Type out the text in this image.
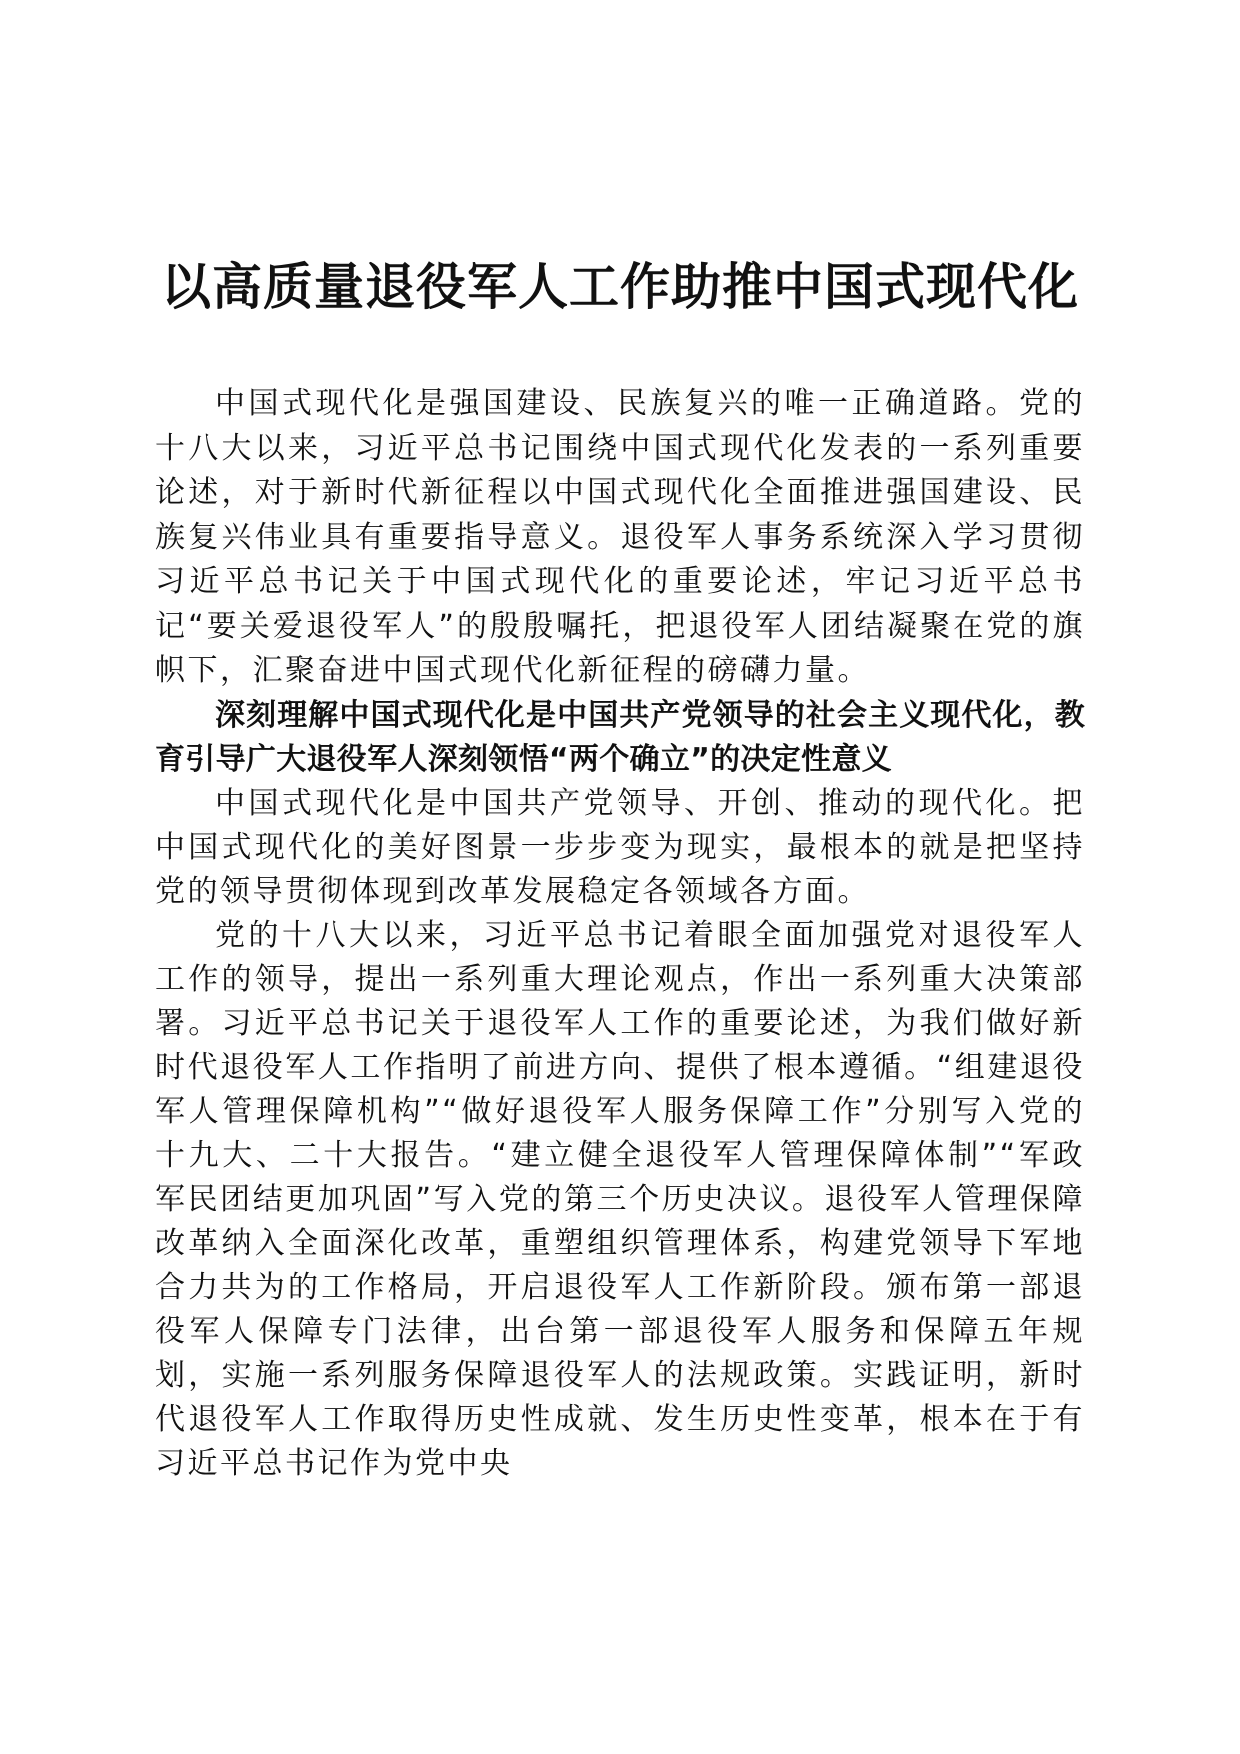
以高质量退役军人工作助推中国式现代化

中国式现代化是强国建设、民族复兴的唯一正确道路。党的十八大以来，习近平总书记围绕中国式现代化发表的一系列重要论述，对于新时代新征程以中国式现代化全面推进强国建设、民族复兴伟业具有重要指导意义。退役军人事务系统深入学习贯彻习近平总书记关于中国式现代化的重要论述，牢记习近平总书记“要关爱退役军人”的殷殷嘱托，把退役军人团结凝聚在党的旗帜下，汇聚奋进中国式现代化新征程的磅礴力量。

深刻理解中国式现代化是中国共产党领导的社会主义现代化，教育引导广大退役军人深刻领悟“两个确立”的决定性意义

中国式现代化是中国共产党领导、开创、推动的现代化。把中国式现代化的美好图景一步步变为现实，最根本的就是把坚持党的领导贯彻体现到改革发展稳定各领域各方面。

党的十八大以来，习近平总书记着眼全面加强党对退役军人工作的领导，提出一系列重大理论观点，作出一系列重大决策部署。习近平总书记关于退役军人工作的重要论述，为我们做好新时代退役军人工作指明了前进方向、提供了根本遵循。“组建退役军人管理保障机构”“做好退役军人服务保障工作”分别写入党的十九大、二十大报告。“建立健全退役军人管理保障体制”“军政军民团结更加巩固”写入党的第三个历史决议。退役军人管理保障改革纳入全面深化改革，重塑组织管理体系，构建党领导下军地合力共为的工作格局，开启退役军人工作新阶段。颁布第一部退役军人保障专门法律，出台第一部退役军人服务和保障五年规划，实施一系列服务保障退役军人的法规政策。实践证明，新时代退役军人工作取得历史性成就、发生历史性变革，根本在于有习近平总书记作为党中央
